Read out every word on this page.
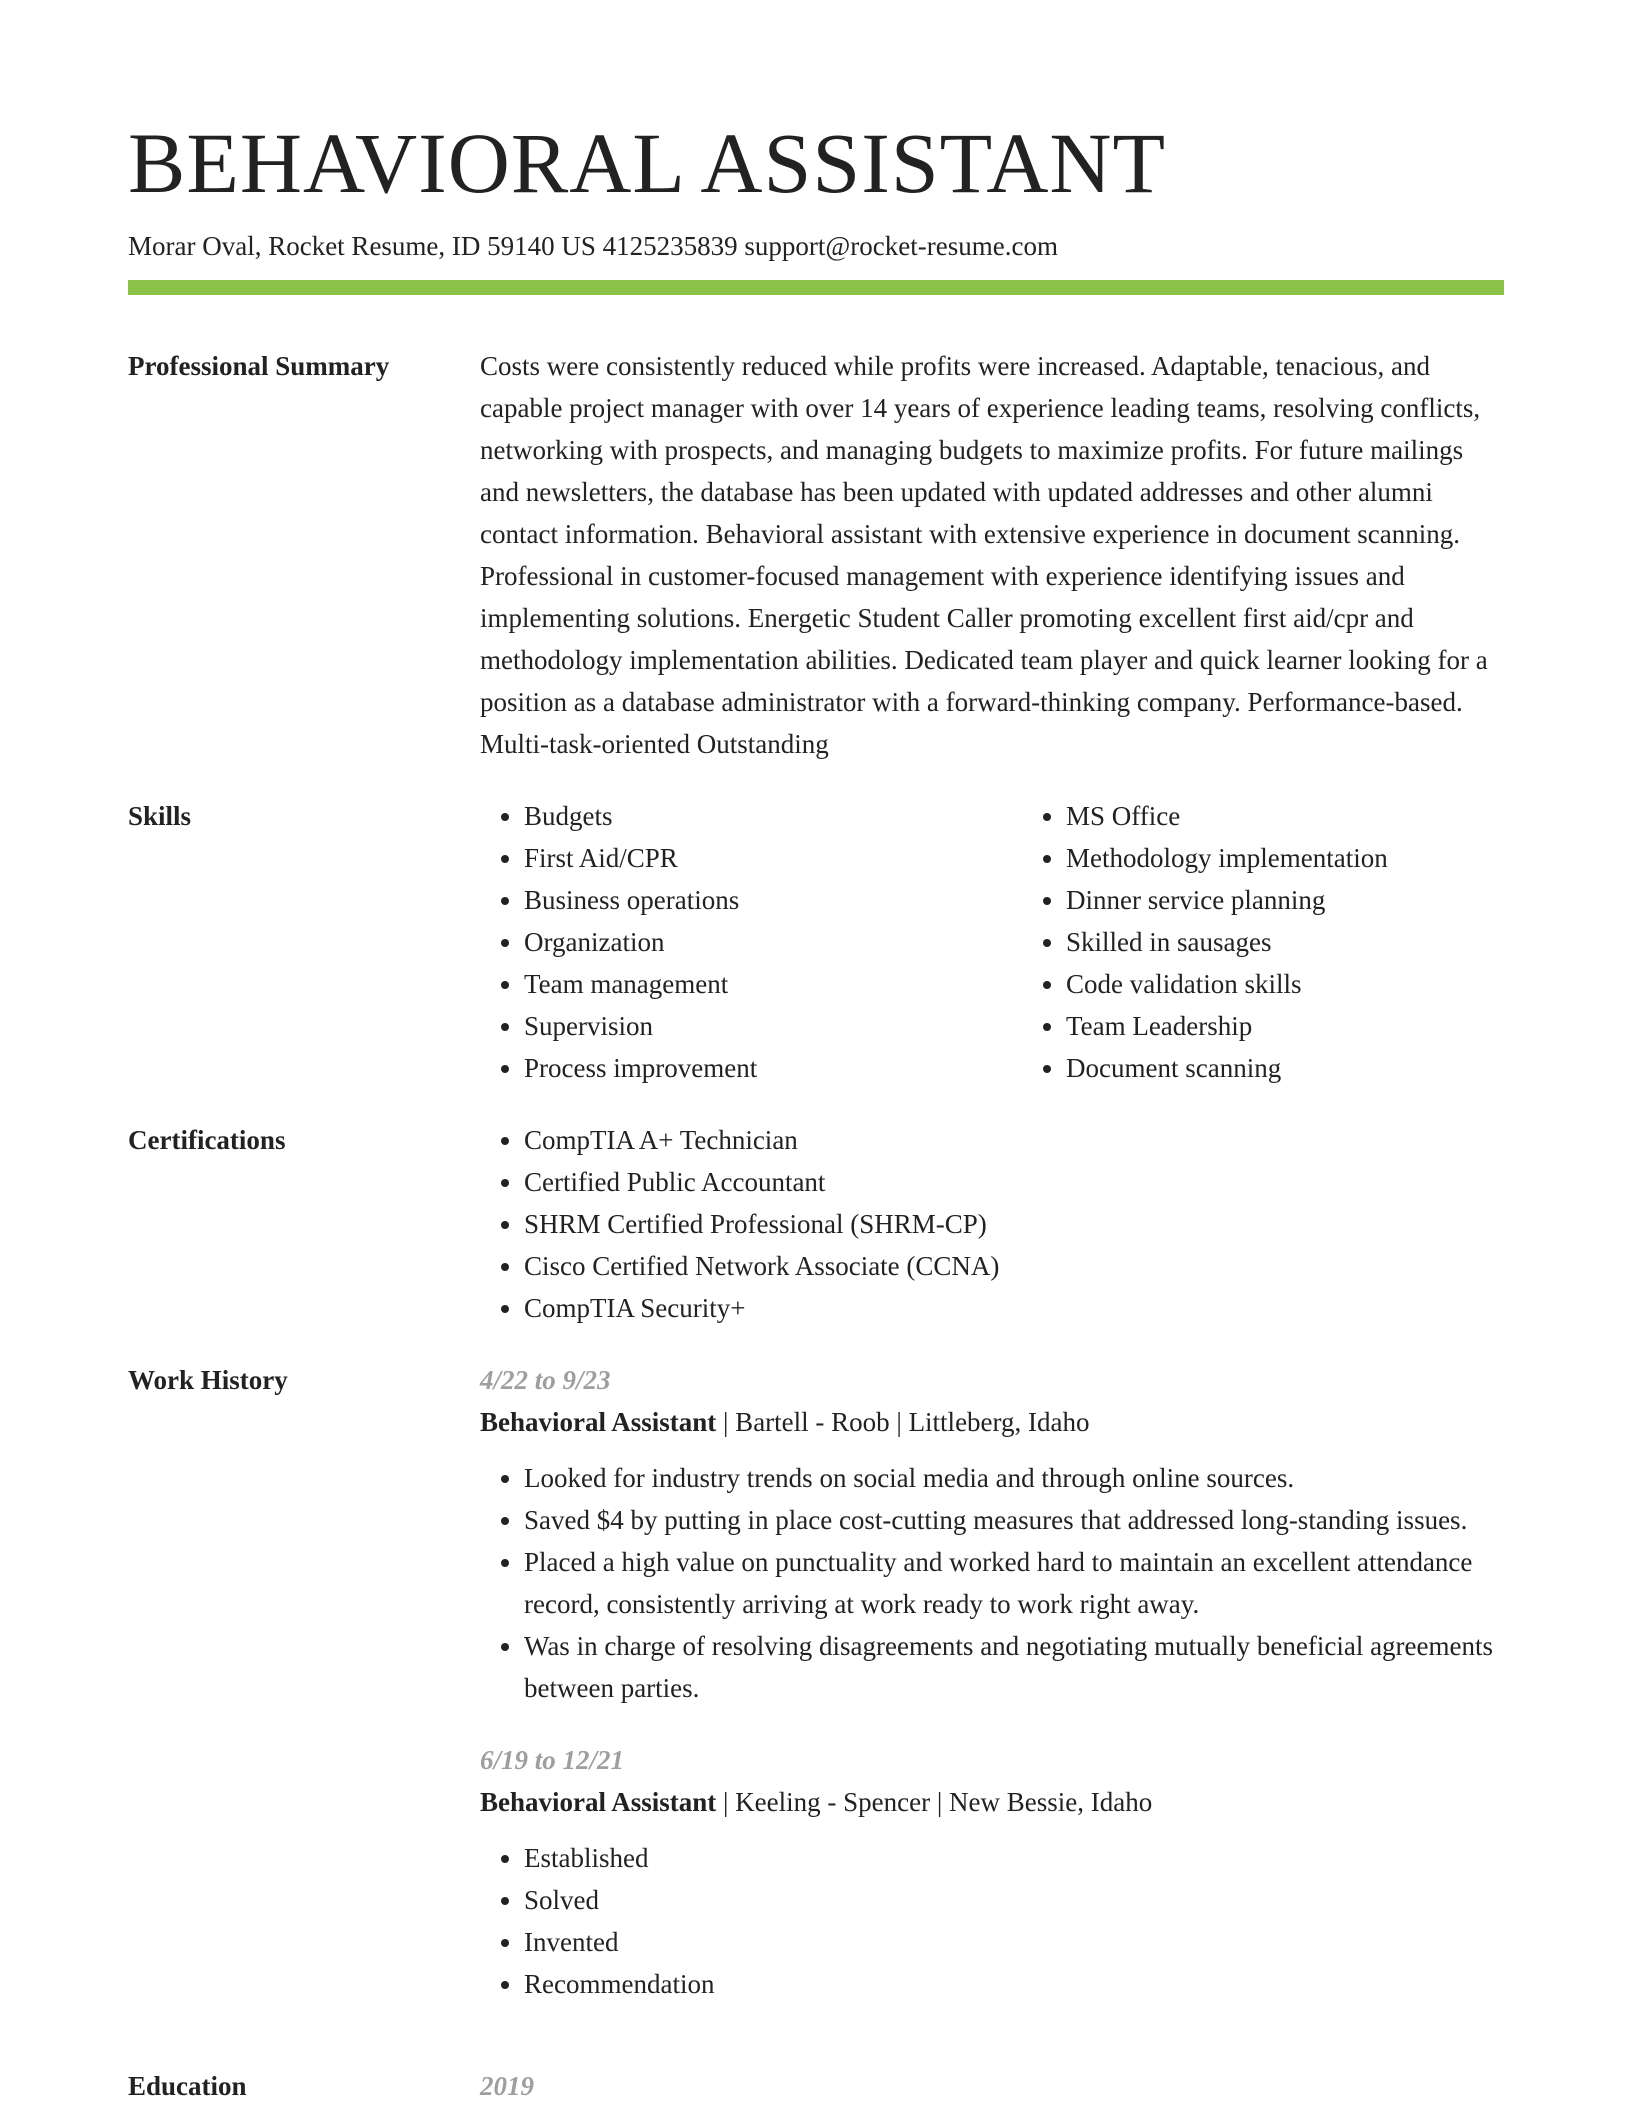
BEHAVIORAL ASSISTANT
Morar Oval, Rocket Resume, ID 59140 US 4125235839 support@rocket-resume.com
Professional Summary	Costs were consistently reduced while profits were increased. Adaptable, tenacious, and capable project manager with over 14 years of experience leading teams, resolving conflicts, networking with prospects, and managing budgets to maximize profits. For future mailings and newsletters, the database has been updated with updated addresses and other alumni contact information. Behavioral assistant with extensive experience in document scanning. Professional in customer-focused management with experience identifying issues and implementing solutions. Energetic Student Caller promoting excellent first aid/cpr and methodology implementation abilities. Dedicated team player and quick learner looking for a position as a database administrator with a forward-thinking company. Performance-based. Multi-task-oriented Outstanding

Skills	• Budgets
• First Aid/CPR
• Business operations
• Organization
• Team management
• Supervision
• Process improvement
• MS Office
• Methodology implementation
• Dinner service planning
• Skilled in sausages
• Code validation skills
• Team Leadership
• Document scanning
Certifications	• CompTIA A+ Technician
• Certified Public Accountant
• SHRM Certified Professional (SHRM-CP)
• Cisco Certified Network Associate (CCNA)
• CompTIA Security+
Work History	4/22 to 9/23

Behavioral Assistant | Bartell - Roob | Littleberg, Idaho

• Looked for industry trends on social media and through online sources.
• Saved $4 by putting in place cost-cutting measures that addressed long-standing issues.
• Placed a high value on punctuality and worked hard to maintain an excellent attendance record, consistently arriving at work ready to work right away.
• Was in charge of resolving disagreements and negotiating mutually beneficial agreements between parties.

6/19 to 12/21

Behavioral Assistant | Keeling - Spencer | New Bessie, Idaho

• Established
• Solved
• Invented
• Recommendation
Education	2019
